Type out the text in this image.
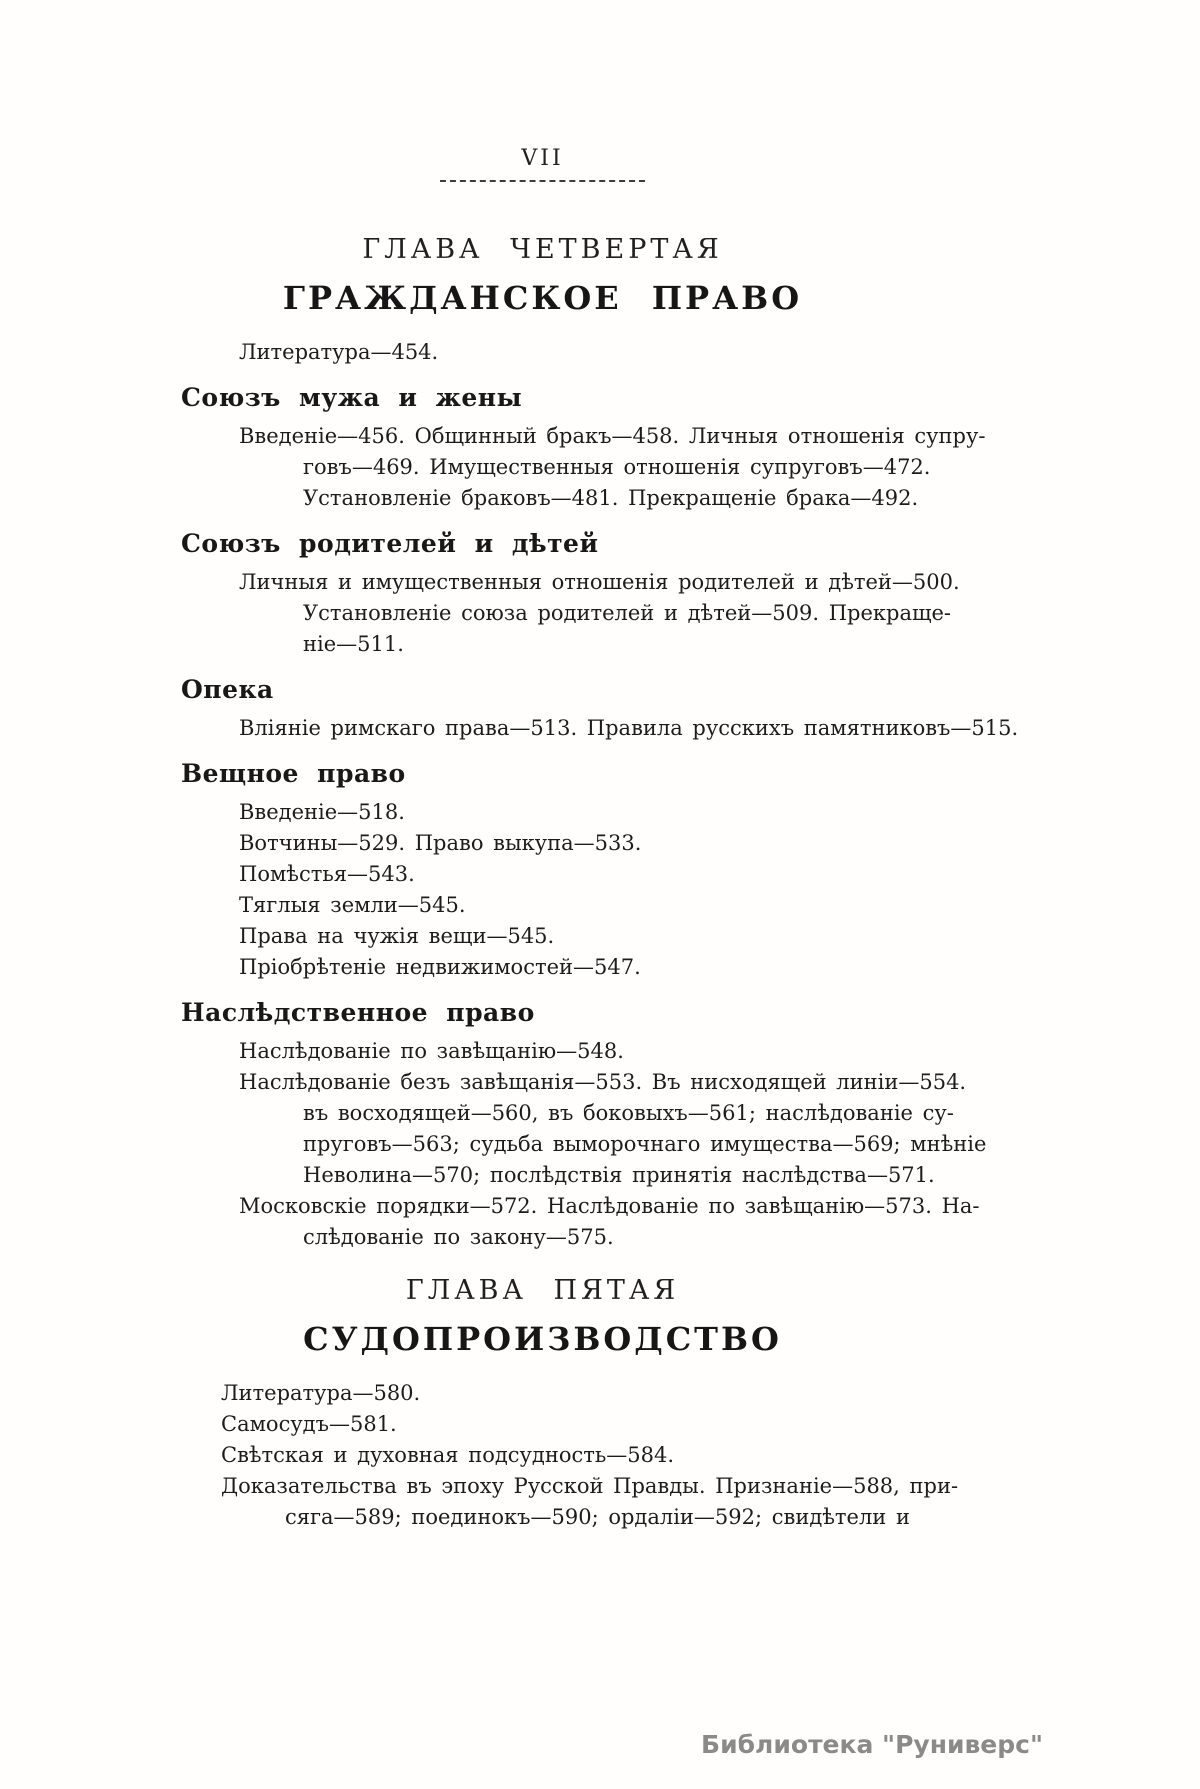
VII
ГЛАВА ЧЕТВЕРТАЯ
ГРАЖДАНСКОЕ ПРАВО
Литература—454.
Союзъ мужа и жены
Введеніе—456. Общинный бракъ—458. Личныя отношенія супру-
говъ—469. Имущественныя отношенія супруговъ—472.
Установленіе браковъ—481. Прекращеніе брака—492.
Союзъ родителей и дѣтей
Личныя и имущественныя отношенія родителей и дѣтей—500.
Установленіе союза родителей и дѣтей—509. Прекраще-
ніе—511.
Опека
Вліяніе римскаго права—513. Правила русскихъ памятниковъ—515.
Вещное право
Введеніе—518.
Вотчины—529. Право выкупа—533.
Помѣстья—543.
Тяглыя земли—545.
Права на чужія вещи—545.
Пріобрѣтеніе недвижимостей—547.
Наслѣдственное право
Наслѣдованіе по завѣщанію—548.
Наслѣдованіе безъ завѣщанія—553. Въ нисходящей линіи—554.
въ восходящей—560, въ боковыхъ—561; наслѣдованіе су-
пруговъ—563; судьба выморочнаго имущества—569; мнѣніе
Неволина—570; послѣдствія принятія наслѣдства—571.
Московскіе порядки—572. Наслѣдованіе по завѣщанію—573. На-
слѣдованіе по закону—575.
ГЛАВА ПЯТАЯ
СУДОПРОИЗВОДСТВО
Литература—580.
Самосудъ—581.
Свѣтская и духовная подсудность—584.
Доказательства въ эпоху Русской Правды. Признаніе—588, при-
сяга—589; поединокъ—590; ордаліи—592; свидѣтели и
Библиотека "Руниверс"
